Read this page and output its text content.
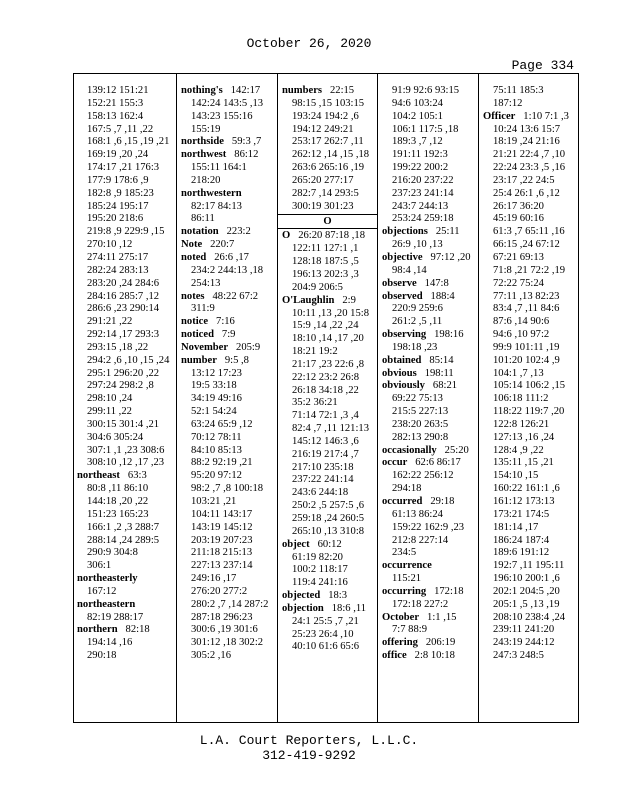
October 26, 2020
Page 334
139:12 151:21
152:21 155:3
158:13 162:4
167:5 ,7 ,11 ,22
168:1 ,6 ,15 ,19 ,21
169:19 ,20 ,24
174:17 ,21 176:3
177:9 178:6 ,9
182:8 ,9 185:23
185:24 195:17
195:20 218:6
219:8 ,9 229:9 ,15
270:10 ,12
274:11 275:17
282:24 283:13
283:20 ,24 284:6
284:16 285:7 ,12
286:6 ,23 290:14
291:21 ,22
292:14 ,17 293:3
293:15 ,18 ,22
294:2 ,6 ,10 ,15 ,24
295:1 296:20 ,22
297:24 298:2 ,8
298:10 ,24
299:11 ,22
300:15 301:4 ,21
304:6 305:24
307:1 ,1 ,23 308:6
308:10 ,12 ,17 ,23
northeast   63:3
80:8 ,11 86:10
144:18 ,20 ,22
151:23 165:23
166:1 ,2 ,3 288:7
288:14 ,24 289:5
290:9 304:8
306:1
northeasterly
167:12
northeastern
82:19 288:17
northern   82:18
194:14 ,16
290:18
nothing's   142:17
142:24 143:5 ,13
143:23 155:16
155:19
northside   59:3 ,7
northwest   86:12
155:11 164:1
218:20
northwestern
82:17 84:13
86:11
notation   223:2
Note   220:7
noted   26:6 ,17
234:2 244:13 ,18
254:13
notes   48:22 67:2
311:9
notice   7:16
noticed   7:9
November   205:9
number   9:5 ,8
13:12 17:23
19:5 33:18
34:19 49:16
52:1 54:24
63:24 65:9 ,12
70:12 78:11
84:10 85:13
88:2 92:19 ,21
95:20 97:12
98:2 ,7 ,8 100:18
103:21 ,21
104:11 143:17
143:19 145:12
203:19 207:23
211:18 215:13
227:13 237:14
249:16 ,17
276:20 277:2
280:2 ,7 ,14 287:2
287:18 296:23
300:6 ,19 301:6
301:12 ,18 302:2
305:2 ,16
numbers   22:15
98:15 ,15 103:15
193:24 194:2 ,6
194:12 249:21
253:17 262:7 ,11
262:12 ,14 ,15 ,18
263:6 265:16 ,19
265:20 277:17
282:7 ,14 293:5
300:19 301:23
O
O   26:20 87:18 ,18
122:11 127:1 ,1
128:18 187:5 ,5
196:13 202:3 ,3
204:9 206:5
O'Laughlin   2:9
10:11 ,13 ,20 15:8
15:9 ,14 ,22 ,24
18:10 ,14 ,17 ,20
18:21 19:2
21:17 ,23 22:6 ,8
22:12 23:2 26:8
26:18 34:18 ,22
35:2 36:21
71:14 72:1 ,3 ,4
82:4 ,7 ,11 121:13
145:12 146:3 ,6
216:19 217:4 ,7
217:10 235:18
237:22 241:14
243:6 244:18
250:2 ,5 257:5 ,6
259:18 ,24 260:5
265:10 ,13 310:8
object   60:12
61:19 82:20
100:2 118:17
119:4 241:16
objected   18:3
objection   18:6 ,11
24:1 25:5 ,7 ,21
25:23 26:4 ,10
40:10 61:6 65:6
91:9 92:6 93:15
94:6 103:24
104:2 105:1
106:1 117:5 ,18
189:3 ,7 ,12
191:11 192:3
199:22 200:2
216:20 237:22
237:23 241:14
243:7 244:13
253:24 259:18
objections   25:11
26:9 ,10 ,13
objective   97:12 ,20
98:4 ,14
observe   147:8
observed   188:4
220:9 259:6
261:2 ,5 ,11
observing   198:16
198:18 ,23
obtained   85:14
obvious   198:11
obviously   68:21
69:22 75:13
215:5 227:13
238:20 263:5
282:13 290:8
occasionally   25:20
occur   62:6 86:17
162:22 256:12
294:18
occurred   29:18
61:13 86:24
159:22 162:9 ,23
212:8 227:14
234:5
occurrence
115:21
occurring   172:18
172:18 227:2
October   1:1 ,15
7:7 88:9
offering   206:19
office   2:8 10:18
75:11 185:3
187:12
Officer   1:10 7:1 ,3
10:24 13:6 15:7
18:19 ,24 21:16
21:21 22:4 ,7 ,10
22:24 23:3 ,5 ,16
23:17 ,22 24:5
25:4 26:1 ,6 ,12
26:17 36:20
45:19 60:16
61:3 ,7 65:11 ,16
66:15 ,24 67:12
67:21 69:13
71:8 ,21 72:2 ,19
72:22 75:24
77:11 ,13 82:23
83:4 ,7 ,11 84:6
87:6 ,14 90:6
94:6 ,10 97:2
99:9 101:11 ,19
101:20 102:4 ,9
104:1 ,7 ,13
105:14 106:2 ,15
106:18 111:2
118:22 119:7 ,20
122:8 126:21
127:13 ,16 ,24
128:4 ,9 ,22
135:11 ,15 ,21
154:10 ,15
160:22 161:1 ,6
161:12 173:13
173:21 174:5
181:14 ,17
186:24 187:4
189:6 191:12
192:7 ,11 195:11
196:10 200:1 ,6
202:1 204:5 ,20
205:1 ,5 ,13 ,19
208:10 238:4 ,24
239:11 241:20
243:19 244:12
247:3 248:5
L.A. Court Reporters, L.L.C.
312-419-9292
